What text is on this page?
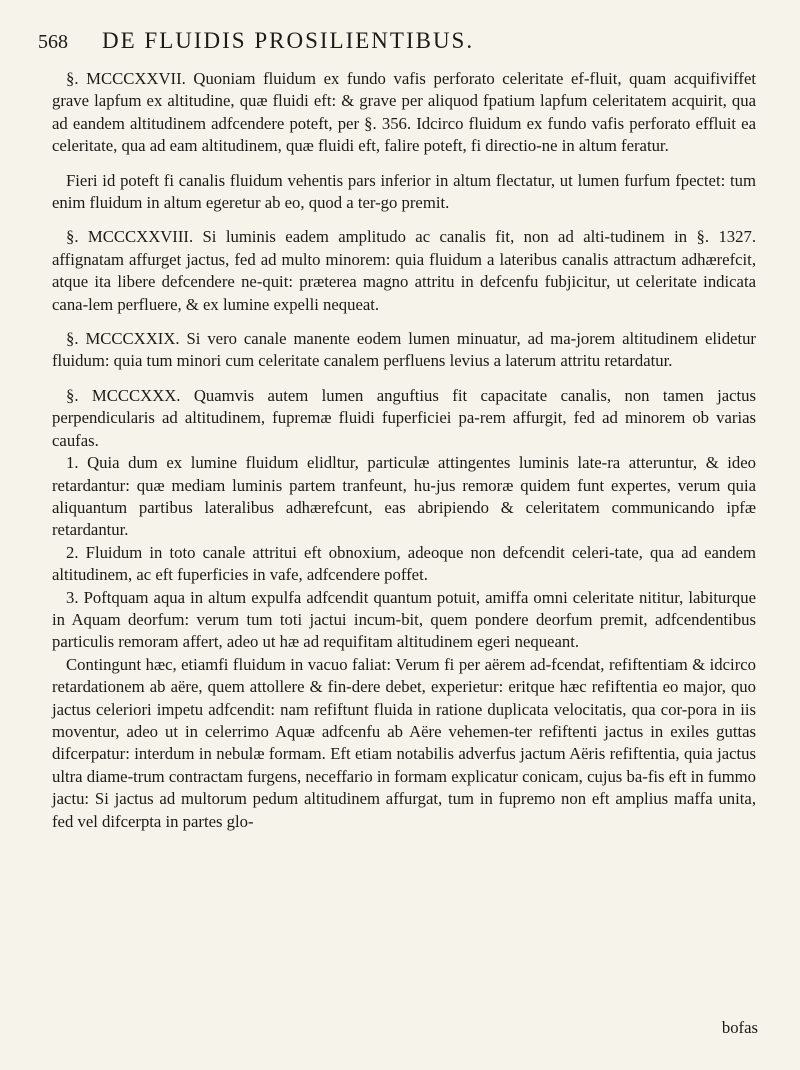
568 DE FLUIDIS PROSILIENTIBUS.

§. MCCCXXVII. Quoniam fluidum ex fundo vafis perforato celeritate ef-fluit, quam acquifiviffet grave lapfum ex altitudine, quæ fluidi eft: & grave per aliquod fpatium lapfum celeritatem acquirit, qua ad eandem altitudinem adfcendere poteft, per §. 356. Idcirco fluidum ex fundo vafis perforato effluit ea celeritate, qua ad eam altitudinem, quæ fluidi eft, falire poteft, fi directio-ne in altum feratur.

Fieri id poteft fi canalis fluidum vehentis pars inferior in altum flectatur, ut lumen furfum fpectet: tum enim fluidum in altum egeretur ab eo, quod a ter-go premit.

§. MCCCXXVIII. Si luminis eadem amplitudo ac canalis fit, non ad alti-tudinem in §. 1327. affignatam affurget jactus, fed ad multo minorem: quia fluidum a lateribus canalis attractum adhærefcit, atque ita libere defcendere ne-quit: præterea magno attritu in defcenfu fubjicitur, ut celeritate indicata cana-lem perfluere, & ex lumine expelli nequeat.

§. MCCCXXIX. Si vero canale manente eodem lumen minuatur, ad ma-jorem altitudinem elidetur fluidum: quia tum minori cum celeritate canalem perfluens levius a laterum attritu retardatur.

§. MCCCXXX. Quamvis autem lumen anguftius fit capacitate canalis, non tamen jactus perpendicularis ad altitudinem, fupremæ fluidi fuperficiei pa-rem affurgit, fed ad minorem ob varias caufas.

1. Quia dum ex lumine fluidum elidltur, particulæ attingentes luminis late-ra atteruntur, & ideo retardantur: quæ mediam luminis partem tranfeunt, hu-jus remoræ quidem funt expertes, verum quia aliquantum partibus lateralibus adhærefcunt, eas abripiendo & celeritatem communicando ipfæ retardantur.

2. Fluidum in toto canale attritui eft obnoxium, adeoque non defcendit celeri-tate, qua ad eandem altitudinem, ac eft fuperficies in vafe, adfcendere poffet.

3. Poftquam aqua in altum expulfa adfcendit quantum potuit, amiffa omni celeritate nititur, labiturque in Aquam deorfum: verum tum toti jactui incum-bit, quem pondere deorfum premit, adfcendentibus particulis remoram affert, adeo ut hæ ad requifitam altitudinem egeri nequeant.

Contingunt hæc, etiamfi fluidum in vacuo faliat: Verum fi per aërem ad-fcendat, refiftentiam & idcirco retardationem ab aëre, quem attollere & fin-dere debet, experietur: eritque hæc refiftentia eo major, quo jactus celeriori impetu adfcendit: nam refiftunt fluida in ratione duplicata velocitatis, qua cor-pora in iis moventur, adeo ut in celerrimo Aquæ adfcenfu ab Aëre vehemen-ter refiftenti jactus in exiles guttas difcerpatur: interdum in nebulæ formam. Eft etiam notabilis adverfus jactum Aëris refiftentia, quia jactus ultra diame-trum contractam furgens, neceffario in formam explicatur conicam, cujus ba-fis eft in fummo jactu: Si jactus ad multorum pedum altitudinem affurgat, tum in fupremo non eft amplius maffa unita, fed vel difcerpta in partes glo-

bofas
